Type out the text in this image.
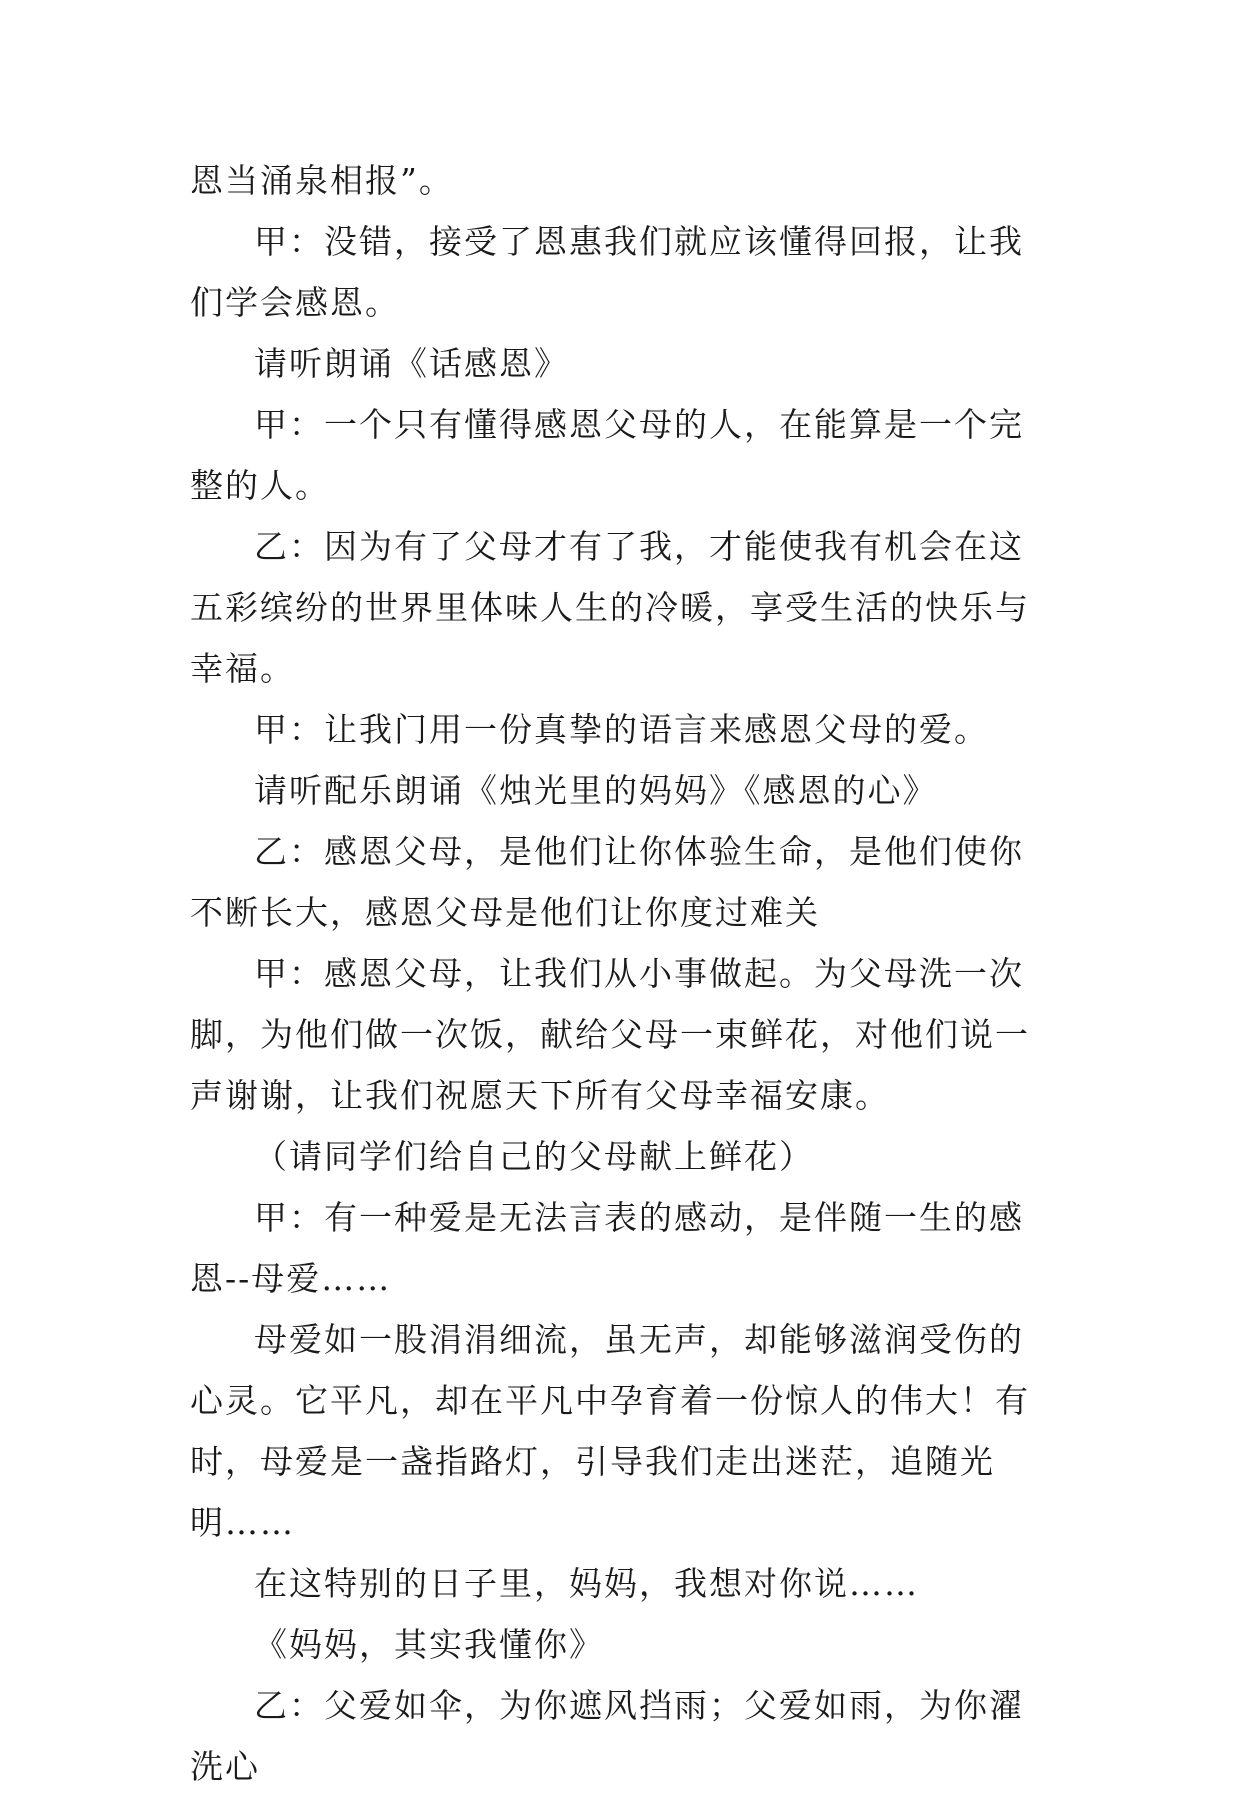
恩当涌泉相报”。

甲：没错，接受了恩惠我们就应该懂得回报，让我们学会感恩。

请听朗诵《话感恩》

甲：一个只有懂得感恩父母的人，在能算是一个完整的人。

乙：因为有了父母才有了我，才能使我有机会在这五彩缤纷的世界里体味人生的冷暖，享受生活的快乐与幸福。

甲：让我门用一份真挚的语言来感恩父母的爱。

请听配乐朗诵《烛光里的妈妈》《感恩的心》

乙：感恩父母，是他们让你体验生命，是他们使你不断长大，感恩父母是他们让你度过难关

甲：感恩父母，让我们从小事做起。为父母洗一次脚，为他们做一次饭，献给父母一束鲜花，对他们说一声谢谢，让我们祝愿天下所有父母幸福安康。

（请同学们给自己的父母献上鲜花）

甲：有一种爱是无法言表的感动，是伴随一生的感恩--母爱……

母爱如一股涓涓细流，虽无声，却能够滋润受伤的心灵。它平凡，却在平凡中孕育着一份惊人的伟大！有时，母爱是一盏指路灯，引导我们走出迷茫，追随光明……

在这特别的日子里，妈妈，我想对你说……

《妈妈，其实我懂你》

乙：父爱如伞，为你遮风挡雨；父爱如雨，为你濯洗心
